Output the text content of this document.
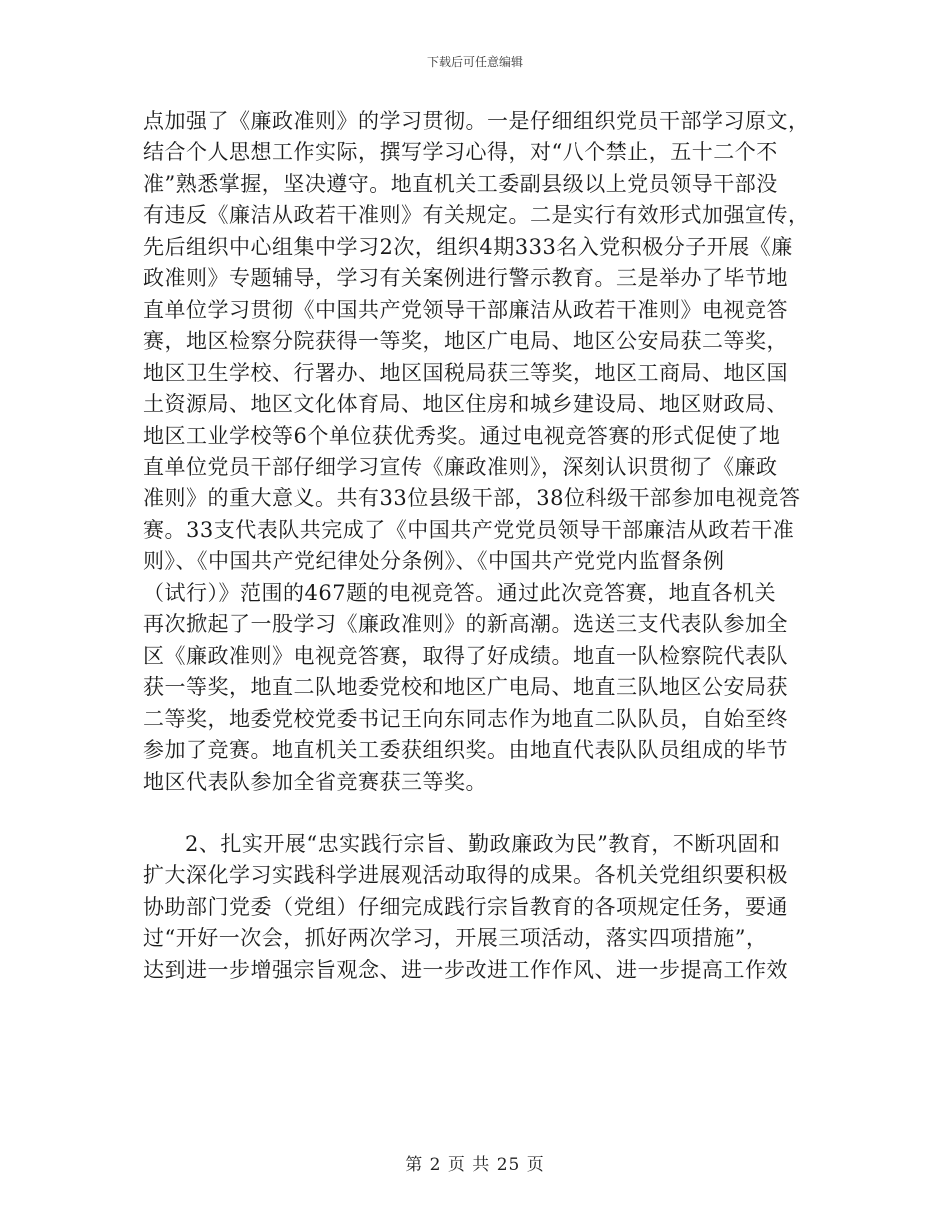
下载后可任意编辑
点加强了《廉政准则》的学习贯彻。一是仔细组织党员干部学习原文，
结合个人思想工作实际，撰写学习心得，对“八个禁止，五十二个不
准”熟悉掌握，坚决遵守。地直机关工委副县级以上党员领导干部没
有违反《廉洁从政若干准则》有关规定。二是实行有效形式加强宣传，
先后组织中心组集中学习2次，组织4期333名入党积极分子开展《廉
政准则》专题辅导，学习有关案例进行警示教育。三是举办了毕节地
直单位学习贯彻《中国共产党领导干部廉洁从政若干准则》电视竞答
赛，地区检察分院获得一等奖，地区广电局、地区公安局获二等奖，
地区卫生学校、行署办、地区国税局获三等奖，地区工商局、地区国
土资源局、地区文化体育局、地区住房和城乡建设局、地区财政局、
地区工业学校等6个单位获优秀奖。通过电视竞答赛的形式促使了地
直单位党员干部仔细学习宣传《廉政准则》，深刻认识贯彻了《廉政
准则》的重大意义。共有33位县级干部，38位科级干部参加电视竞答
赛。33支代表队共完成了《中国共产党党员领导干部廉洁从政若干准
则》、《中国共产党纪律处分条例》、《中国共产党党内监督条例
（试行）》范围的467题的电视竞答。通过此次竞答赛，地直各机关
再次掀起了一股学习《廉政准则》的新高潮。选送三支代表队参加全
区《廉政准则》电视竞答赛，取得了好成绩。地直一队检察院代表队
获一等奖，地直二队地委党校和地区广电局、地直三队地区公安局获
二等奖，地委党校党委书记王向东同志作为地直二队队员，自始至终
参加了竞赛。地直机关工委获组织奖。由地直代表队队员组成的毕节
地区代表队参加全省竞赛获三等奖。
2、扎实开展“忠实践行宗旨、勤政廉政为民”教育，不断巩固和
扩大深化学习实践科学进展观活动取得的成果。各机关党组织要积极
协助部门党委（党组）仔细完成践行宗旨教育的各项规定任务，要通
过“开好一次会，抓好两次学习，开展三项活动，落实四项措施”，
达到进一步增强宗旨观念、进一步改进工作作风、进一步提高工作效
第 2 页 共 25 页
